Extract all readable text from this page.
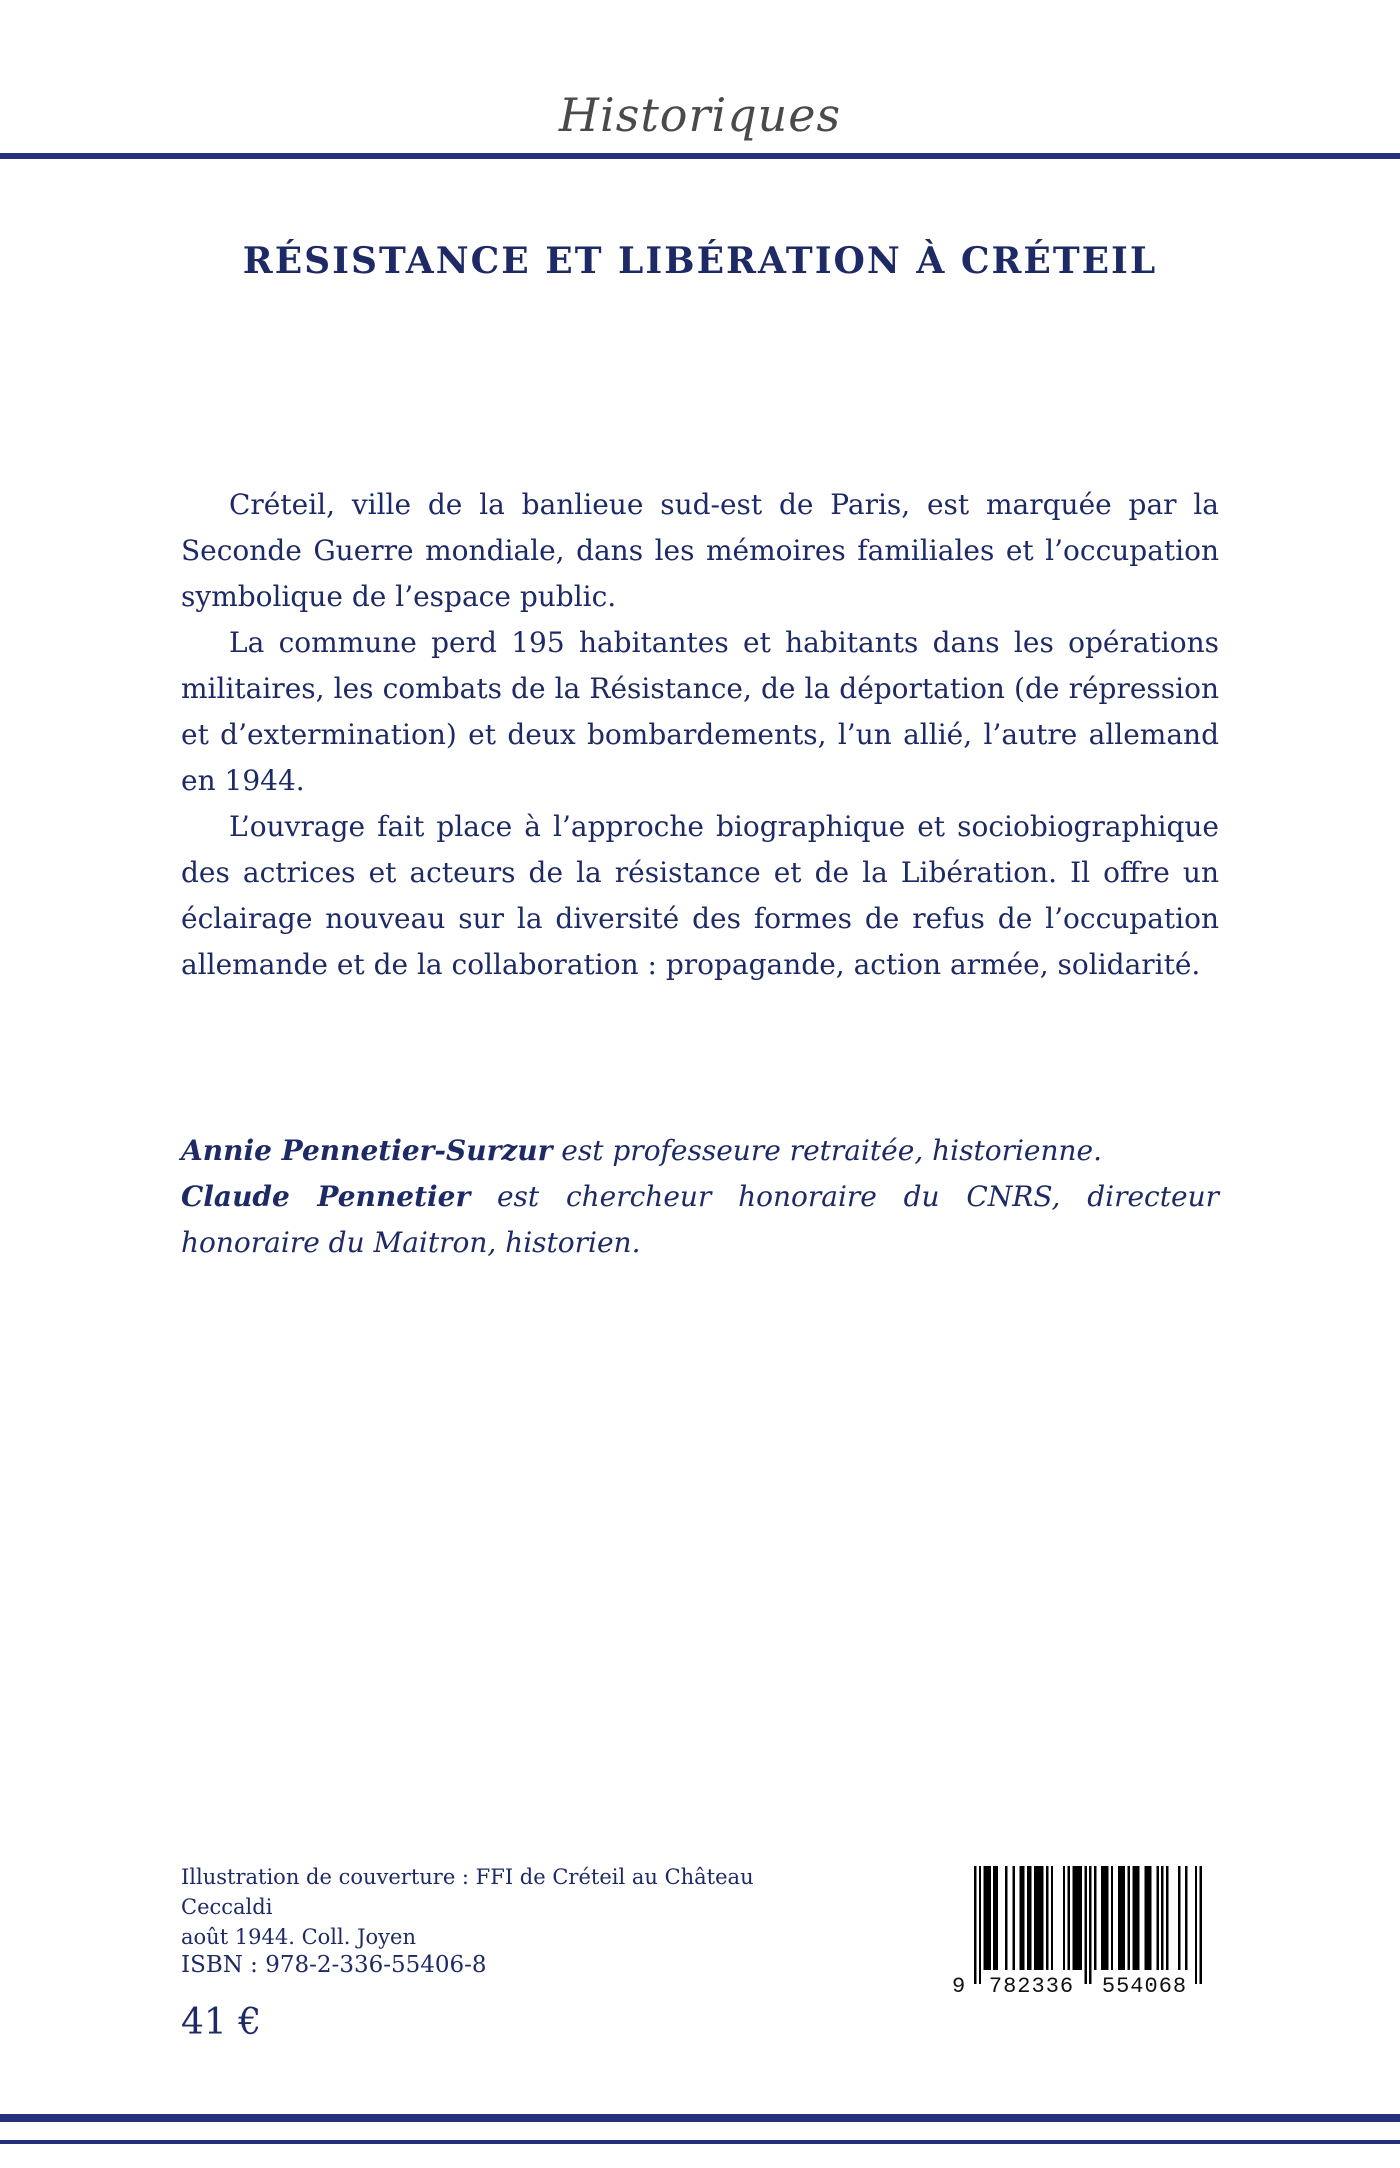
Historiques
RÉSISTANCE ET LIBÉRATION À CRÉTEIL

Créteil, ville de la banlieue sud-est de Paris, est marquée par la Seconde Guerre mondiale, dans les mémoires familiales et l’occupation symbolique de l’espace public.

La commune perd 195 habitantes et habitants dans les opérations militaires, les combats de la Résistance, de la déportation (de répression et d’extermination) et deux bombardements, l’un allié, l’autre allemand en 1944.

L’ouvrage fait place à l’approche biographique et sociobiographique des actrices et acteurs de la résistance et de la Libération. Il offre un éclairage nouveau sur la diversité des formes de refus de l’occupation allemande et de la collaboration : propagande, action armée, solidarité.

Annie Pennetier-Surzur est professeure retraitée, historienne.

Claude Pennetier est chercheur honoraire du CNRS, directeur honoraire du Maitron, historien.

Illustration de couverture : FFI de Créteil au Château Ceccaldi
août 1944. Coll. Joyen
ISBN : 978-2-336-55406-8
41 €
9 782336 554068
